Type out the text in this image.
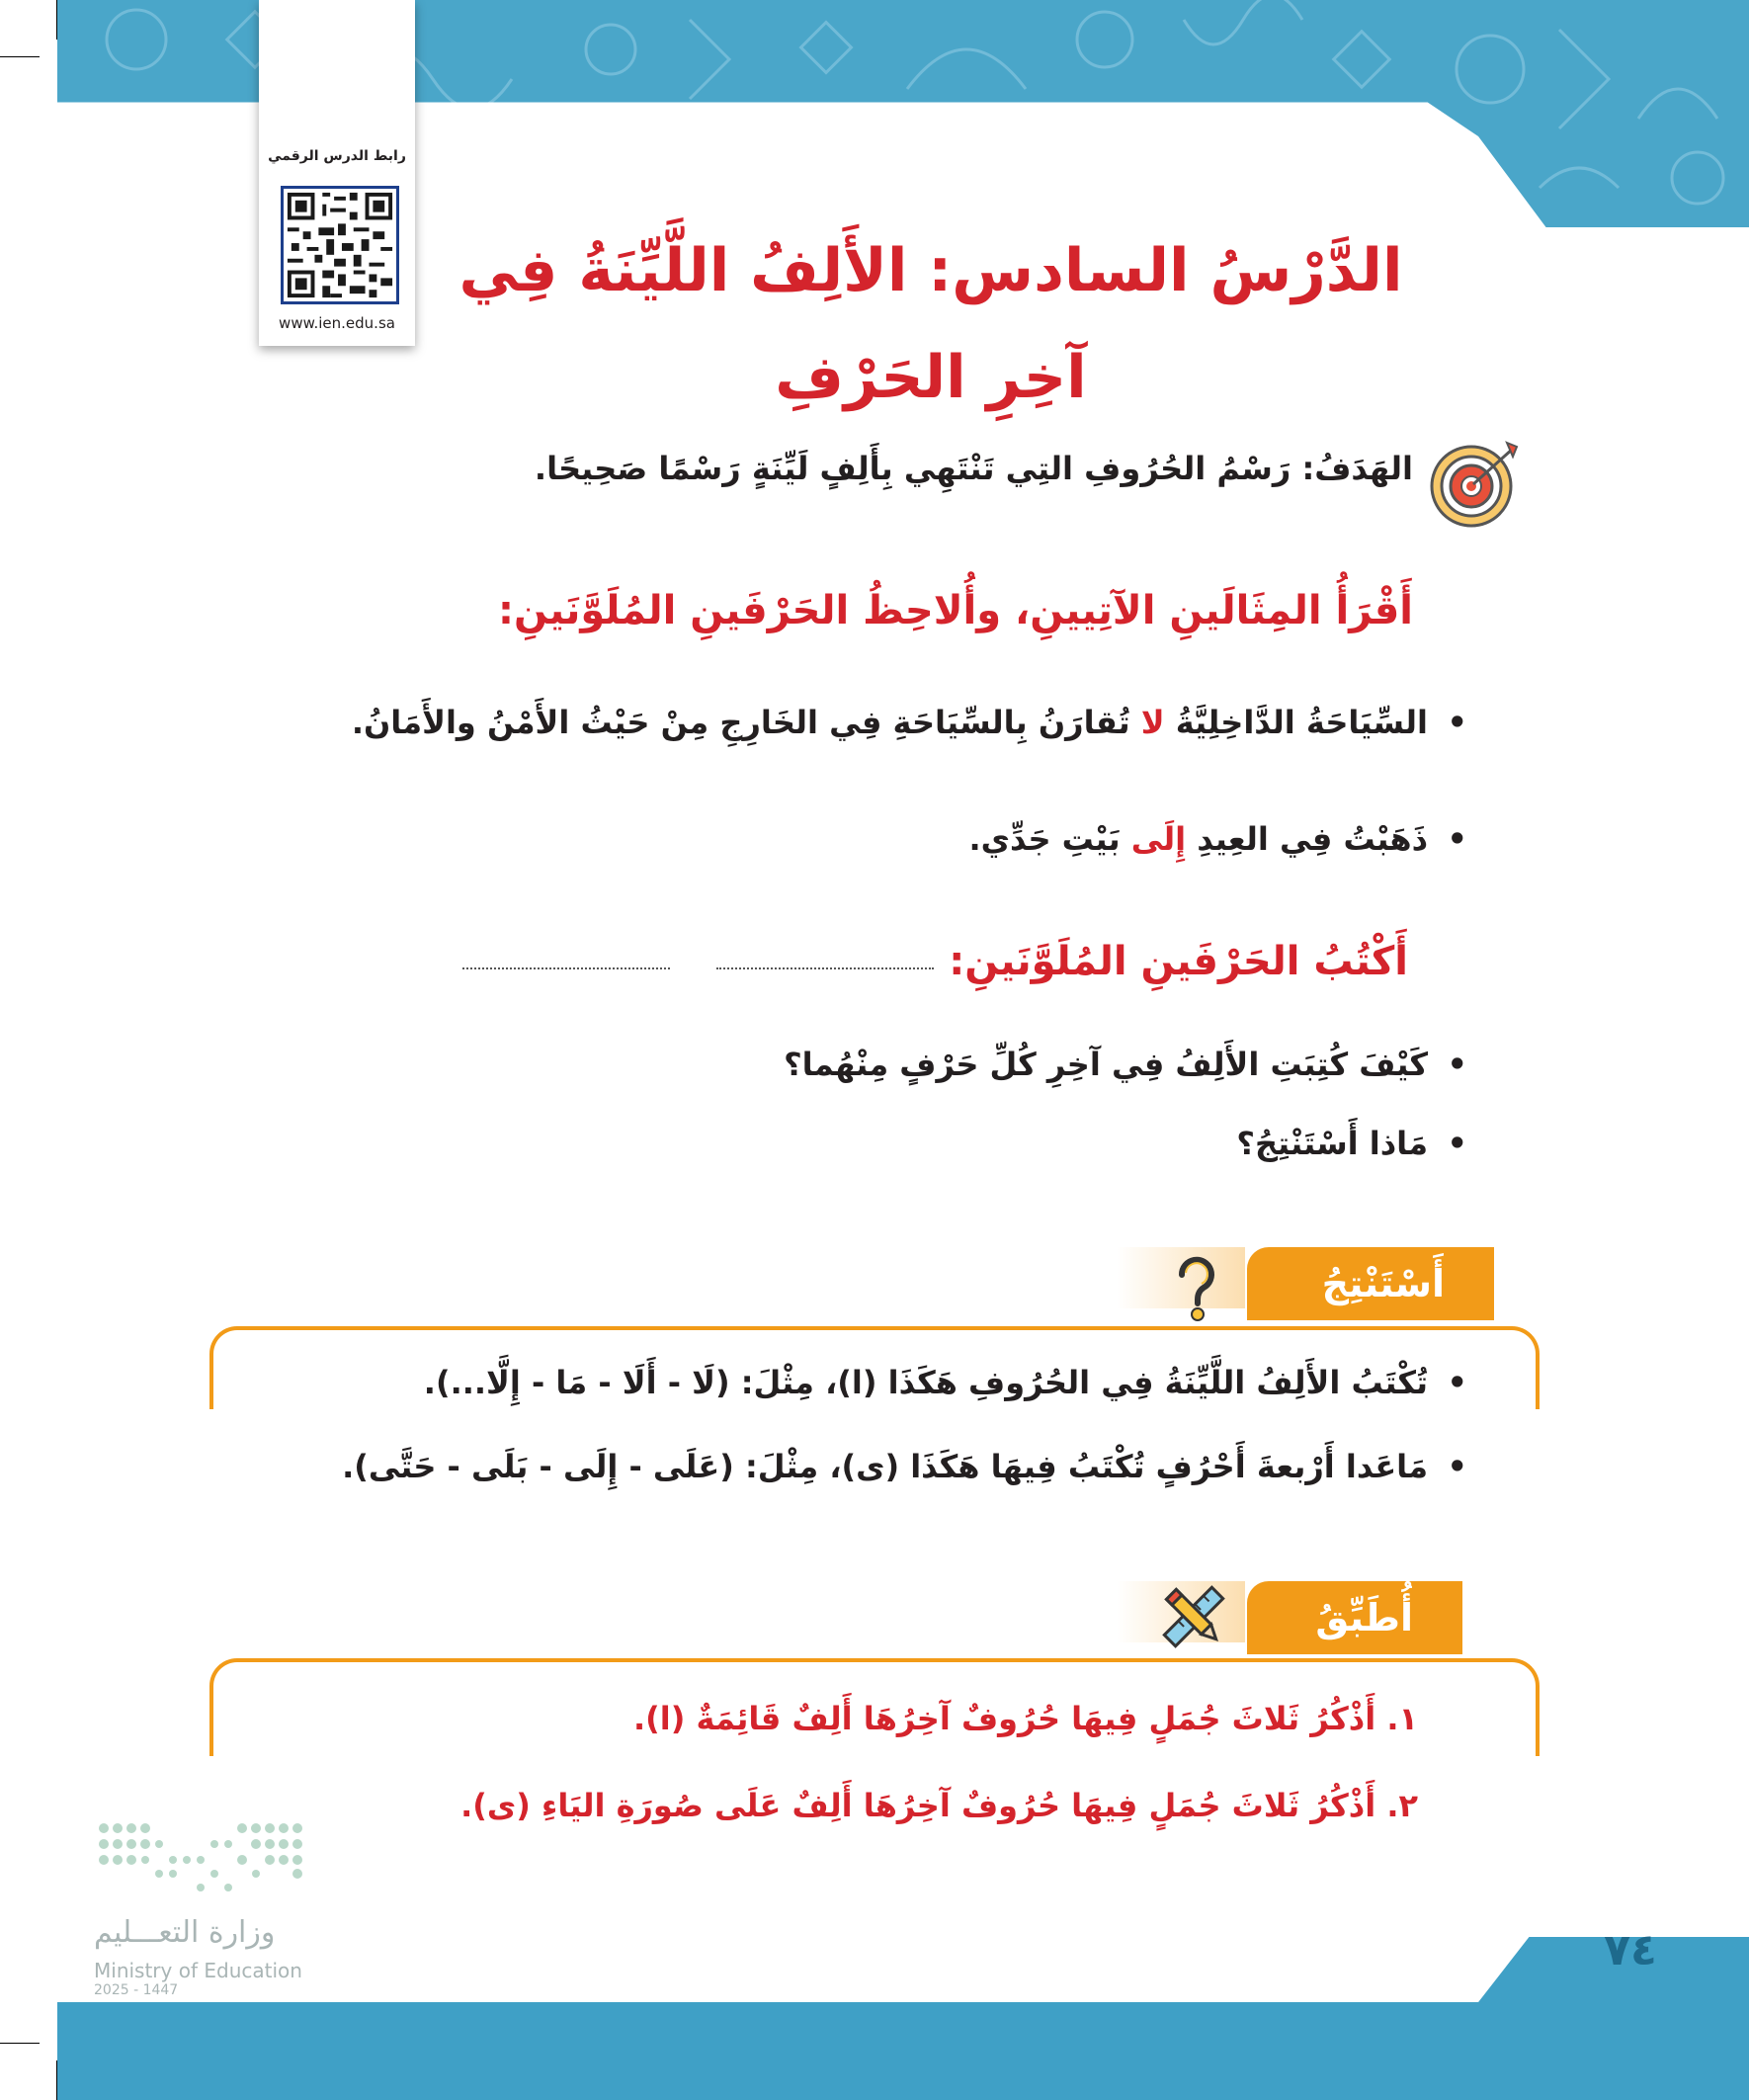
رابط الدرس الرقمي
www.ien.edu.sa
الدَّرْسُ السادس: الأَلِفُ اللَّيِّنَةُ فِي آخِرِ الحَرْفِ
الهَدَفُ: رَسْمُ الحُرُوفِ التِي تَنْتَهِي بِأَلِفٍ لَيِّنَةٍ رَسْمًا صَحِيحًا.
أَقْرَأُ المِثَالَينِ الآتِيينِ، وأُلاحِظُ الحَرْفَينِ المُلَوَّنَينِ:
• السِّيَاحَةُ الدَّاخِلِيَّةُ لا تُقارَنُ بِالسِّيَاحَةِ فِي الخَارِجِ مِنْ حَيْثُ الأَمْنُ والأَمَانُ.
• ذَهَبْتُ فِي العِيدِ إِلَى بَيْتِ جَدِّي.
أَكْتُبُ الحَرْفَينِ المُلَوَّنَينِ:
• كَيْفَ كُتِبَتِ الأَلِفُ فِي آخِرِ كُلِّ حَرْفٍ مِنْهُما؟
• مَاذا أَسْتَنْتِجُ؟
أَسْتَنْتِجُ
• تُكْتَبُ الأَلِفُ اللَّيِّنَةُ فِي الحُرُوفِ هَكَذَا (ا)، مِثْلَ: (لَا - أَلَا - مَا - إِلَّا...).
• مَاعَدا أَرْبعةَ أَحْرُفٍ تُكْتَبُ فِيهَا هَكَذَا (ى)، مِثْلَ: (عَلَى - إِلَى - بَلَى - حَتَّى).
أُطَبِّقُ
١. أَذْكُرُ ثَلاثَ جُمَلٍ فِيهَا حُرُوفٌ آخِرُهَا أَلِفٌ قَائِمَةٌ (ا).
٢. أَذْكُرُ ثَلاثَ جُمَلٍ فِيهَا حُرُوفٌ آخِرُهَا أَلِفٌ عَلَى صُورَةِ اليَاءِ (ى).
وزارة التعـــليم
Ministry of Education
2025 - 1447
٧٤
